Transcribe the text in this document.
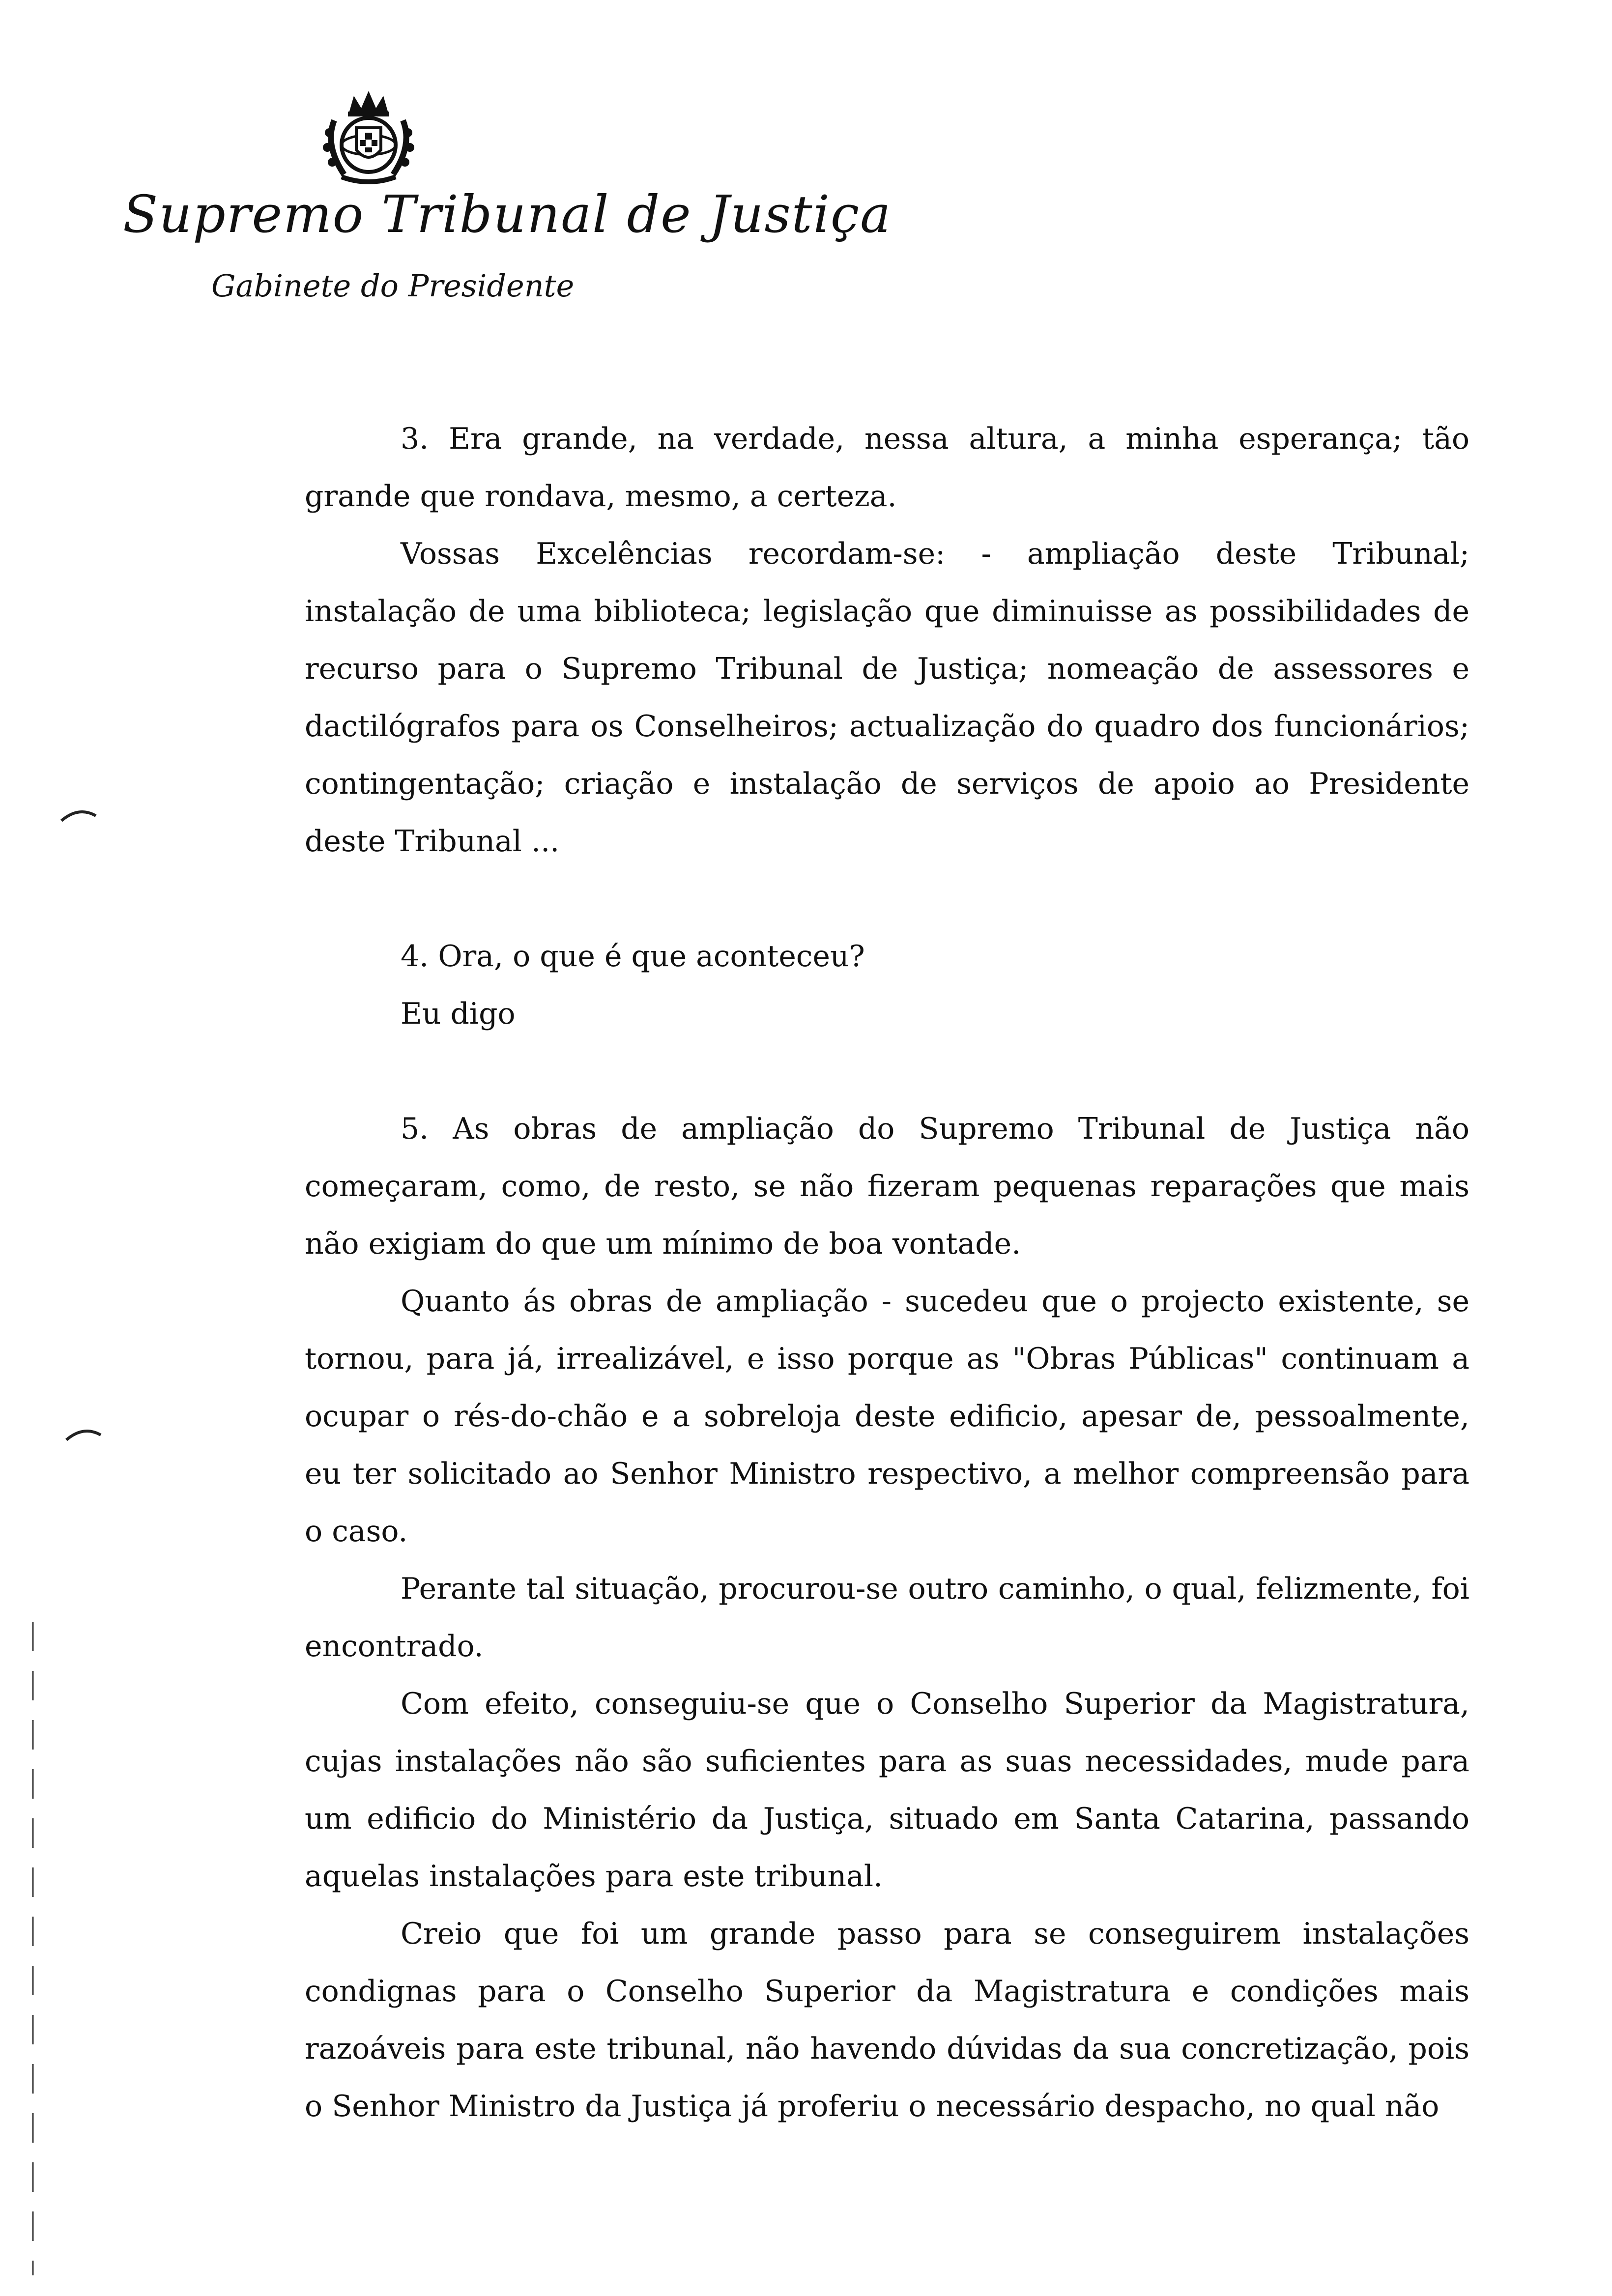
Supremo Tribunal de Justiça
Gabinete do Presidente

3. Era grande, na verdade, nessa altura, a minha esperança; tão grande que rondava, mesmo, a certeza.

Vossas Excelências recordam-se: - ampliação deste Tribunal; instalação de uma biblioteca; legislação que diminuisse as possibilidades de recurso para o Supremo Tribunal de Justiça; nomeação de assessores e dactilógrafos para os Conselheiros; actualização do quadro dos funcionários; contingentação; criação e instalação de serviços de apoio ao Presidente deste Tribunal ...

4. Ora, o que é que aconteceu?

Eu digo

5. As obras de ampliação do Supremo Tribunal de Justiça não começaram, como, de resto, se não fizeram pequenas reparações que mais não exigiam do que um mínimo de boa vontade.

Quanto ás obras de ampliação - sucedeu que o projecto existente, se tornou, para já, irrealizável, e isso porque as "Obras Públicas" continuam a ocupar o rés-do-chão e a sobreloja deste edificio, apesar de, pessoalmente, eu ter solicitado ao Senhor Ministro respectivo, a melhor compreensão para o caso.

Perante tal situação, procurou-se outro caminho, o qual, felizmente, foi encontrado.

Com efeito, conseguiu-se que o Conselho Superior da Magistratura, cujas instalações não são suficientes para as suas necessidades, mude para um edificio do Ministério da Justiça, situado em Santa Catarina, passando aquelas instalações para este tribunal.

Creio que foi um grande passo para se conseguirem instalações condignas para o Conselho Superior da Magistratura e condições mais razoáveis para este tribunal, não havendo dúvidas da sua concretização, pois o Senhor Ministro da Justiça já proferiu o necessário despacho, no qual não
